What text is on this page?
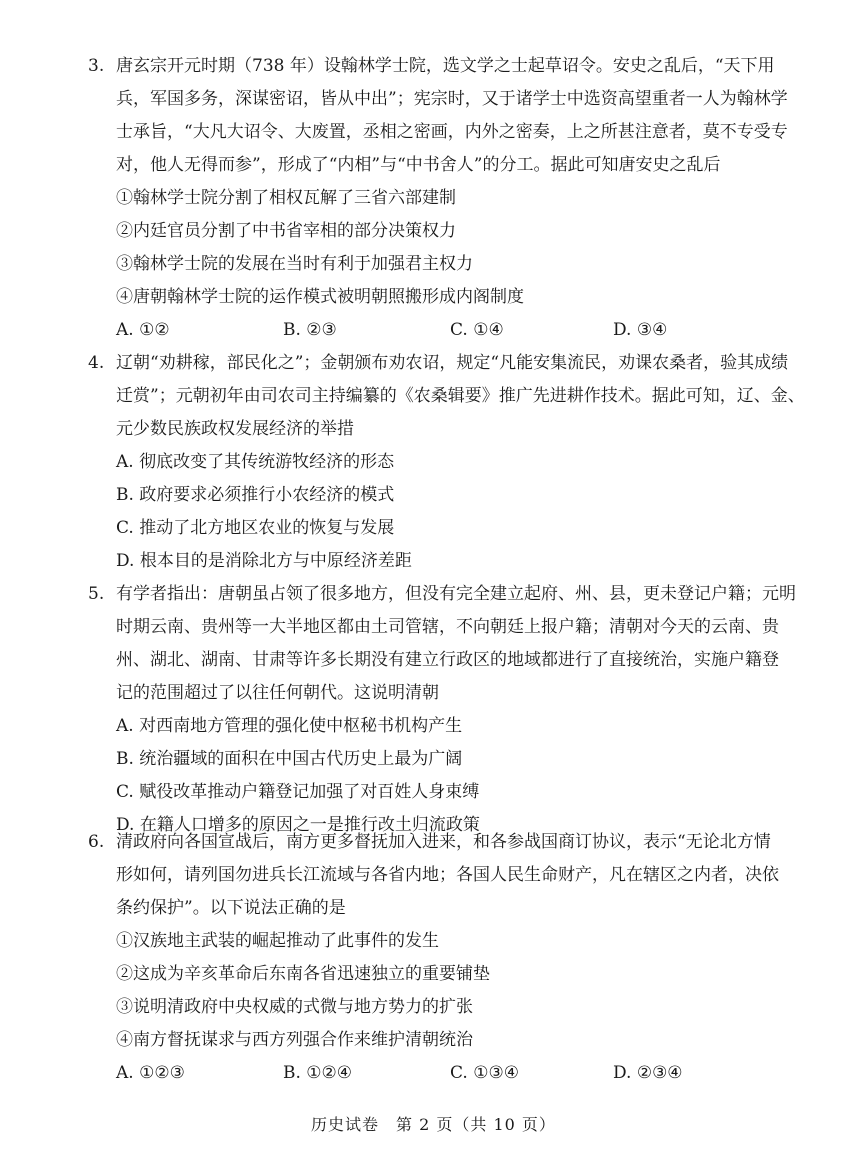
3. 唐玄宗开元时期（738 年）设翰林学士院，选文学之士起草诏令。安史之乱后，“天下用
兵，军国多务，深谋密诏，皆从中出”；宪宗时，又于诸学士中选资高望重者一人为翰林学
士承旨，“大凡大诏令、大废置，丞相之密画，内外之密奏，上之所甚注意者，莫不专受专
对，他人无得而参”，形成了“内相”与“中书舍人”的分工。据此可知唐安史之乱后
①翰林学士院分割了相权瓦解了三省六部建制
②内廷官员分割了中书省宰相的部分决策权力
③翰林学士院的发展在当时有利于加强君主权力
④唐朝翰林学士院的运作模式被明朝照搬形成内阁制度
A. ①②	B. ②③	C. ①④	D. ③④
4. 辽朝“劝耕稼，部民化之”；金朝颁布劝农诏，规定“凡能安集流民，劝课农桑者，验其成绩
迁赏”；元朝初年由司农司主持编纂的《农桑辑要》推广先进耕作技术。据此可知，辽、金、
元少数民族政权发展经济的举措
A. 彻底改变了其传统游牧经济的形态
B. 政府要求必须推行小农经济的模式
C. 推动了北方地区农业的恢复与发展
D. 根本目的是消除北方与中原经济差距
5. 有学者指出：唐朝虽占领了很多地方，但没有完全建立起府、州、县，更未登记户籍；元明
时期云南、贵州等一大半地区都由土司管辖，不向朝廷上报户籍；清朝对今天的云南、贵
州、湖北、湖南、甘肃等许多长期没有建立行政区的地域都进行了直接统治，实施户籍登
记的范围超过了以往任何朝代。这说明清朝
A. 对西南地方管理的强化使中枢秘书机构产生
B. 统治疆域的面积在中国古代历史上最为广阔
C. 赋役改革推动户籍登记加强了对百姓人身束缚
D. 在籍人口增多的原因之一是推行改土归流政策
6. 清政府向各国宣战后，南方更多督抚加入进来，和各参战国商订协议，表示“无论北方情
形如何，请列国勿进兵长江流域与各省内地；各国人民生命财产，凡在辖区之内者，决依
条约保护”。以下说法正确的是
①汉族地主武装的崛起推动了此事件的发生
②这成为辛亥革命后东南各省迅速独立的重要铺垫
③说明清政府中央权威的式微与地方势力的扩张
④南方督抚谋求与西方列强合作来维护清朝统治
A. ①②③	B. ①②④	C. ①③④	D. ②③④
历史试卷　第 2 页（共 10 页）
